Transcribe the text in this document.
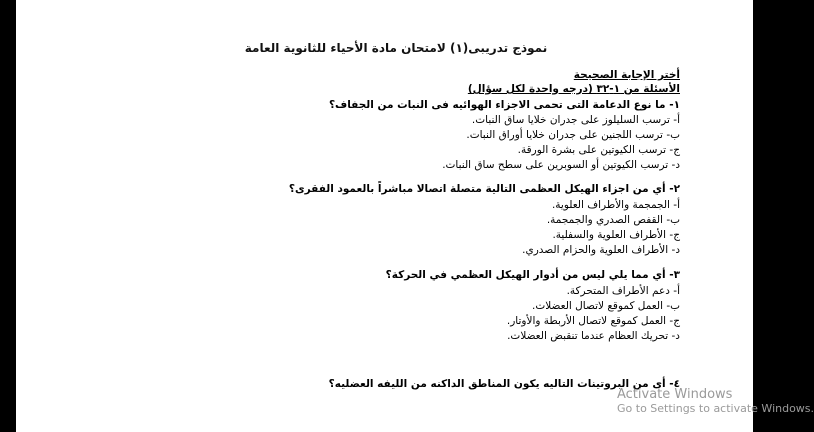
نموذج تدريبى(١) لامتحان مادة الأحياء للثانوية العامة
أختر الإجابة الصحيحة
الأسئلة من ١-٣٢ (درجه واحدة لكل سؤال)
١- ما نوع الدعامة التى تحمى الاجزاء الهوائيه فى النبات من الجفاف؟
أ- ترسب السليلوز على جدران خلايا ساق النبات.
ب- ترسب اللجنين على جدران خلايا أوراق النبات.
ج- ترسب الكيوتين على بشرة الورقة.
د- ترسب الكيوتين أو السوبرين على سطح ساق النبات.
٢- أي من اجزاء الهيكل العظمى التالية متصلة اتصالا مباشراً بالعمود الفقرى؟
أ- الجمجمة والأطراف العلوية.
ب- القفص الصدري والجمجمة.
ج- الأطراف العلوية والسفلية.
د- الأطراف العلوية والحزام الصدري.
٣- أي مما يلي ليس من أدوار الهيكل العظمي في الحركة؟
أ- دعم الأطراف المتحركة.
ب- العمل كموقع لاتصال العضلات.
ج- العمل كموقع لاتصال الأربطة والأوتار.
د- تحريك العظام عندما تنقبض العضلات.
٤- أى من البروتينات التاليه يكون المناطق الداكنه من الليفه العضليه؟
Activate Windows
Go to Settings to activate Windows.
